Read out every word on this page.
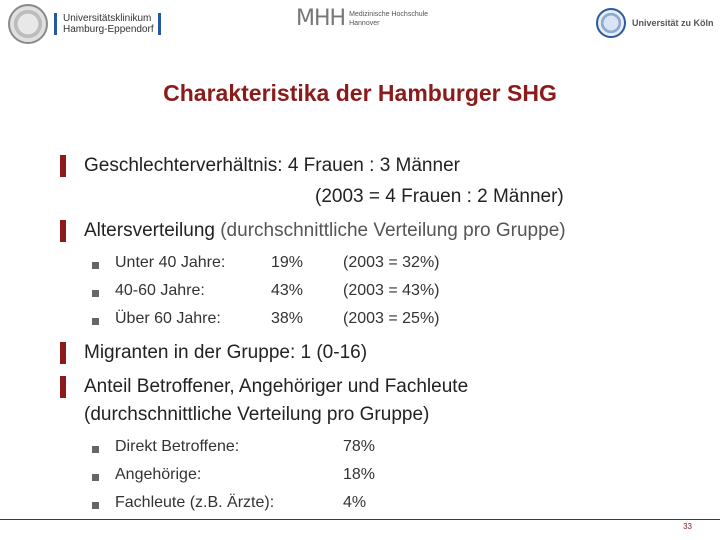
Universitätsklinikum
Hamburg-Eppendorf	MHH Medizinische Hochschule
Hannover	Universität zu Köln
Charakteristika der Hamburger SHG
Geschlechterverhältnis: 4 Frauen : 3 Männer
(2003 = 4 Frauen : 2 Männer)
Altersverteilung (durchschnittliche Verteilung pro Gruppe)
Unter 40 Jahre:	19% (2003 = 32%)
40-60 Jahre:	43% (2003 = 43%)
Über 60 Jahre:	38% (2003 = 25%)
Migranten in der Gruppe: 1 (0-16)
Anteil Betroffener, Angehöriger und Fachleute
(durchschnittliche Verteilung pro Gruppe)
Direkt Betroffene:	78%
Angehörige:	18%
Fachleute (z.B. Ärzte):	4%
33
